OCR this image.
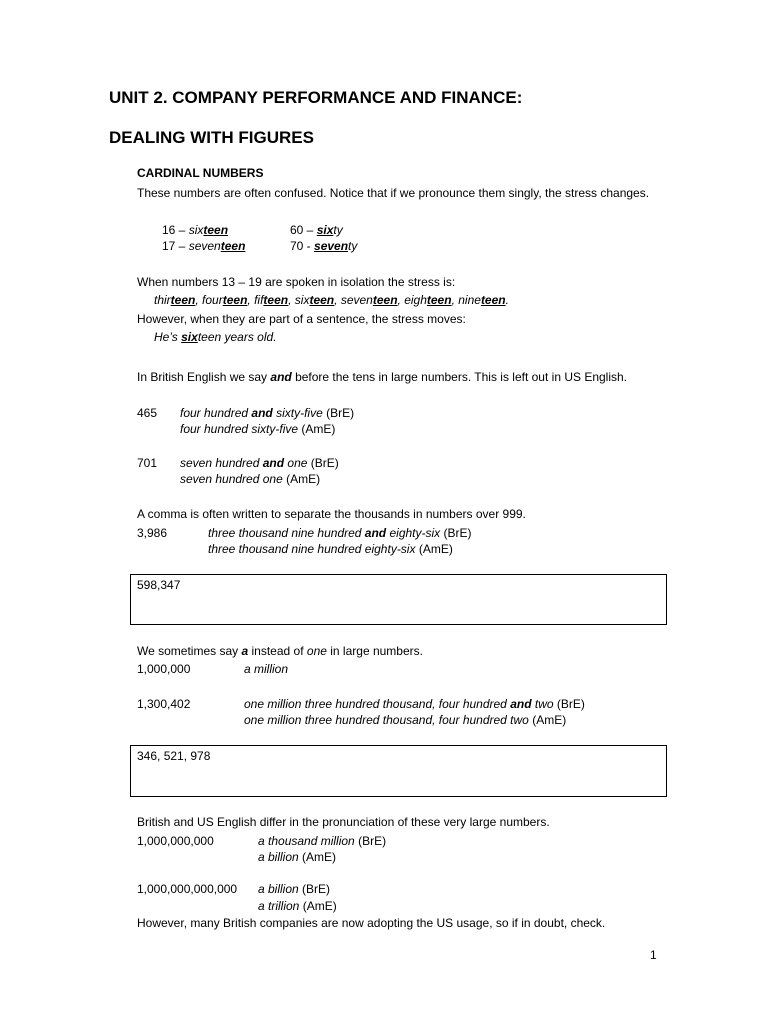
UNIT 2. COMPANY PERFORMANCE AND FINANCE:
DEALING WITH FIGURES
CARDINAL NUMBERS
These numbers are often confused. Notice that if we pronounce them singly, the stress changes.
16 – sixteen	60 – sixty
17 – seventeen	70 - seventy
When numbers 13 – 19 are spoken in isolation the stress is:
thirteen, fourteen, fifteen, sixteen, seventeen, eighteen, nineteen.
However, when they are part of a sentence, the stress moves:
He’s sixteen years old.
In British English we say and before the tens in large numbers. This is left out in US English.
465 four hundred and sixty-five (BrE)
four hundred sixty-five (AmE)
701 seven hundred and one (BrE)
seven hundred one (AmE)
A comma is often written to separate the thousands in numbers over 999.
3,986	three thousand nine hundred and eighty-six (BrE)
three thousand nine hundred eighty-six (AmE)
598,347
We sometimes say a instead of one in large numbers.
1,000,000	a million
1,300,402	one million three hundred thousand, four hundred and two (BrE)
one million three hundred thousand, four hundred two (AmE)
346, 521, 978
British and US English differ in the pronunciation of these very large numbers.
1,000,000,000	a thousand million (BrE)
a billion (AmE)
1,000,000,000,000 a billion (BrE)
a trillion (AmE)
However, many British companies are now adopting the US usage, so if in doubt, check.
1
